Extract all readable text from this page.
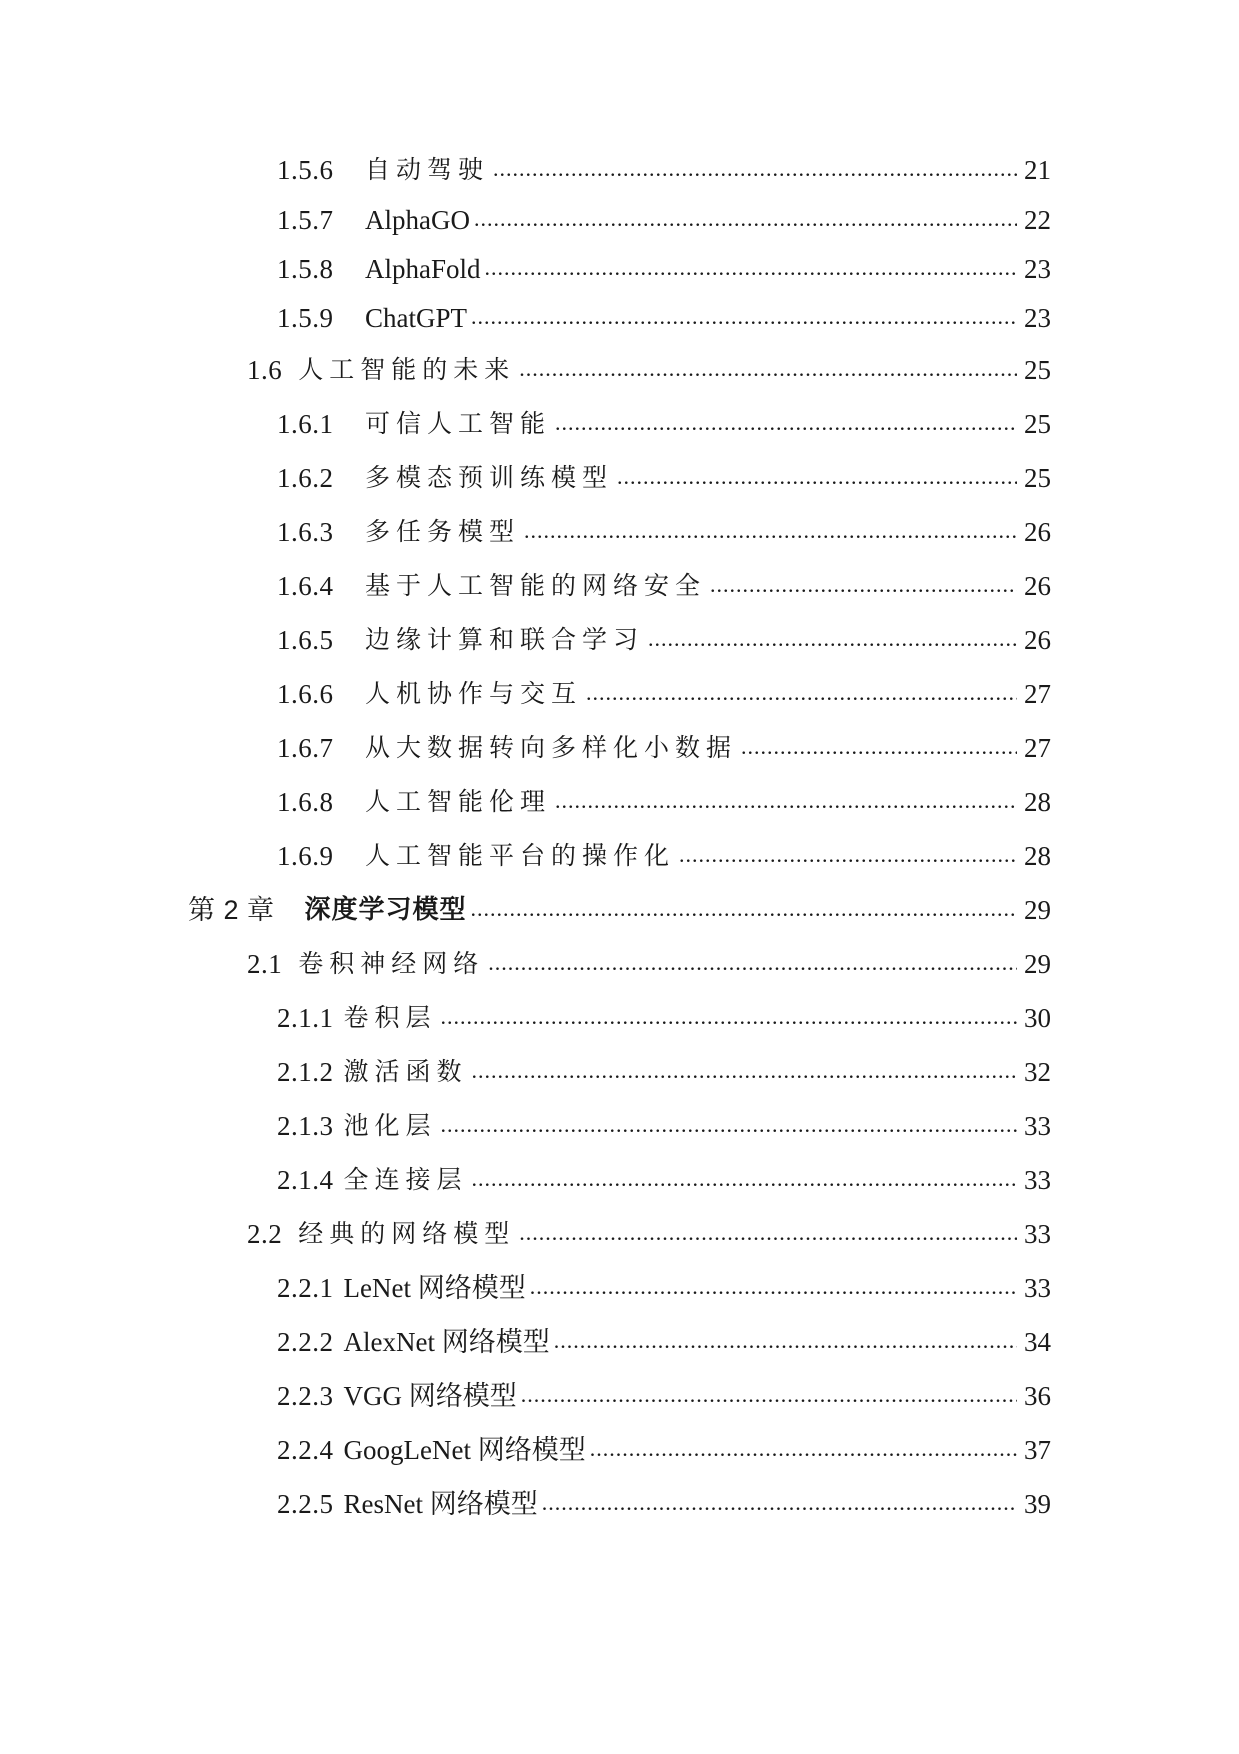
1.5.6	自动驾驶 .....	21
1.5.7	AlphaGO .....	22
1.5.8	AlphaFold .....	23
1.5.9	ChatGPT .....	23
1.6 人工智能的未来 .....	25
1.6.1	可信人工智能 .....	25
1.6.2	多模态预训练模型 .....	25
1.6.3	多任务模型 .....	26
1.6.4	基于人工智能的网络安全 .....	26
1.6.5	边缘计算和联合学习 .....	26
1.6.6	人机协作与交互 .....	27
1.6.7	从大数据转向多样化小数据 .....	27
1.6.8	人工智能伦理 .....	28
1.6.9	人工智能平台的操作化 .....	28
第 2 章 深度学习模型 .....	29
2.1 卷积神经网络 .....	29
2.1.1 卷积层 .....	30
2.1.2 激活函数 .....	32
2.1.3 池化层 .....	33
2.1.4 全连接层 .....	33
2.2 经典的网络模型 .....	33
2.2.1 LeNet 网络模型 .....	33
2.2.2 AlexNet 网络模型 .....	34
2.2.3 VGG 网络模型 .....	36
2.2.4 GoogLeNet 网络模型 .....	37
2.2.5 ResNet 网络模型 .....	39
